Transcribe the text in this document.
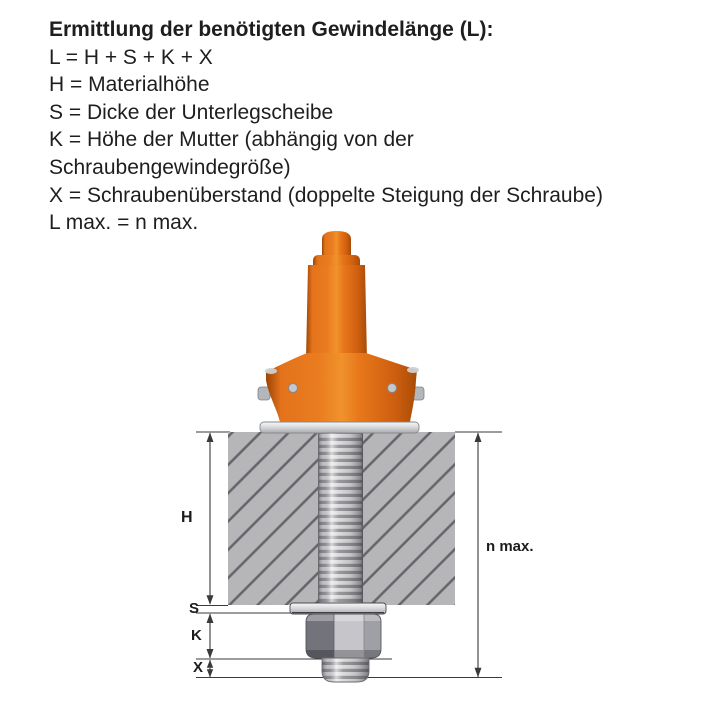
Ermittlung der benötigten Gewindelänge (L):
L = H + S + K + X
H = Materialhöhe
S = Dicke der Unterlegscheibe
K = Höhe der Mutter (abhängig von der
Schraubengewindegröße)
X = Schraubenüberstand (doppelte Steigung der Schraube)
L max. = n max.
H
S
K
X
n max.
